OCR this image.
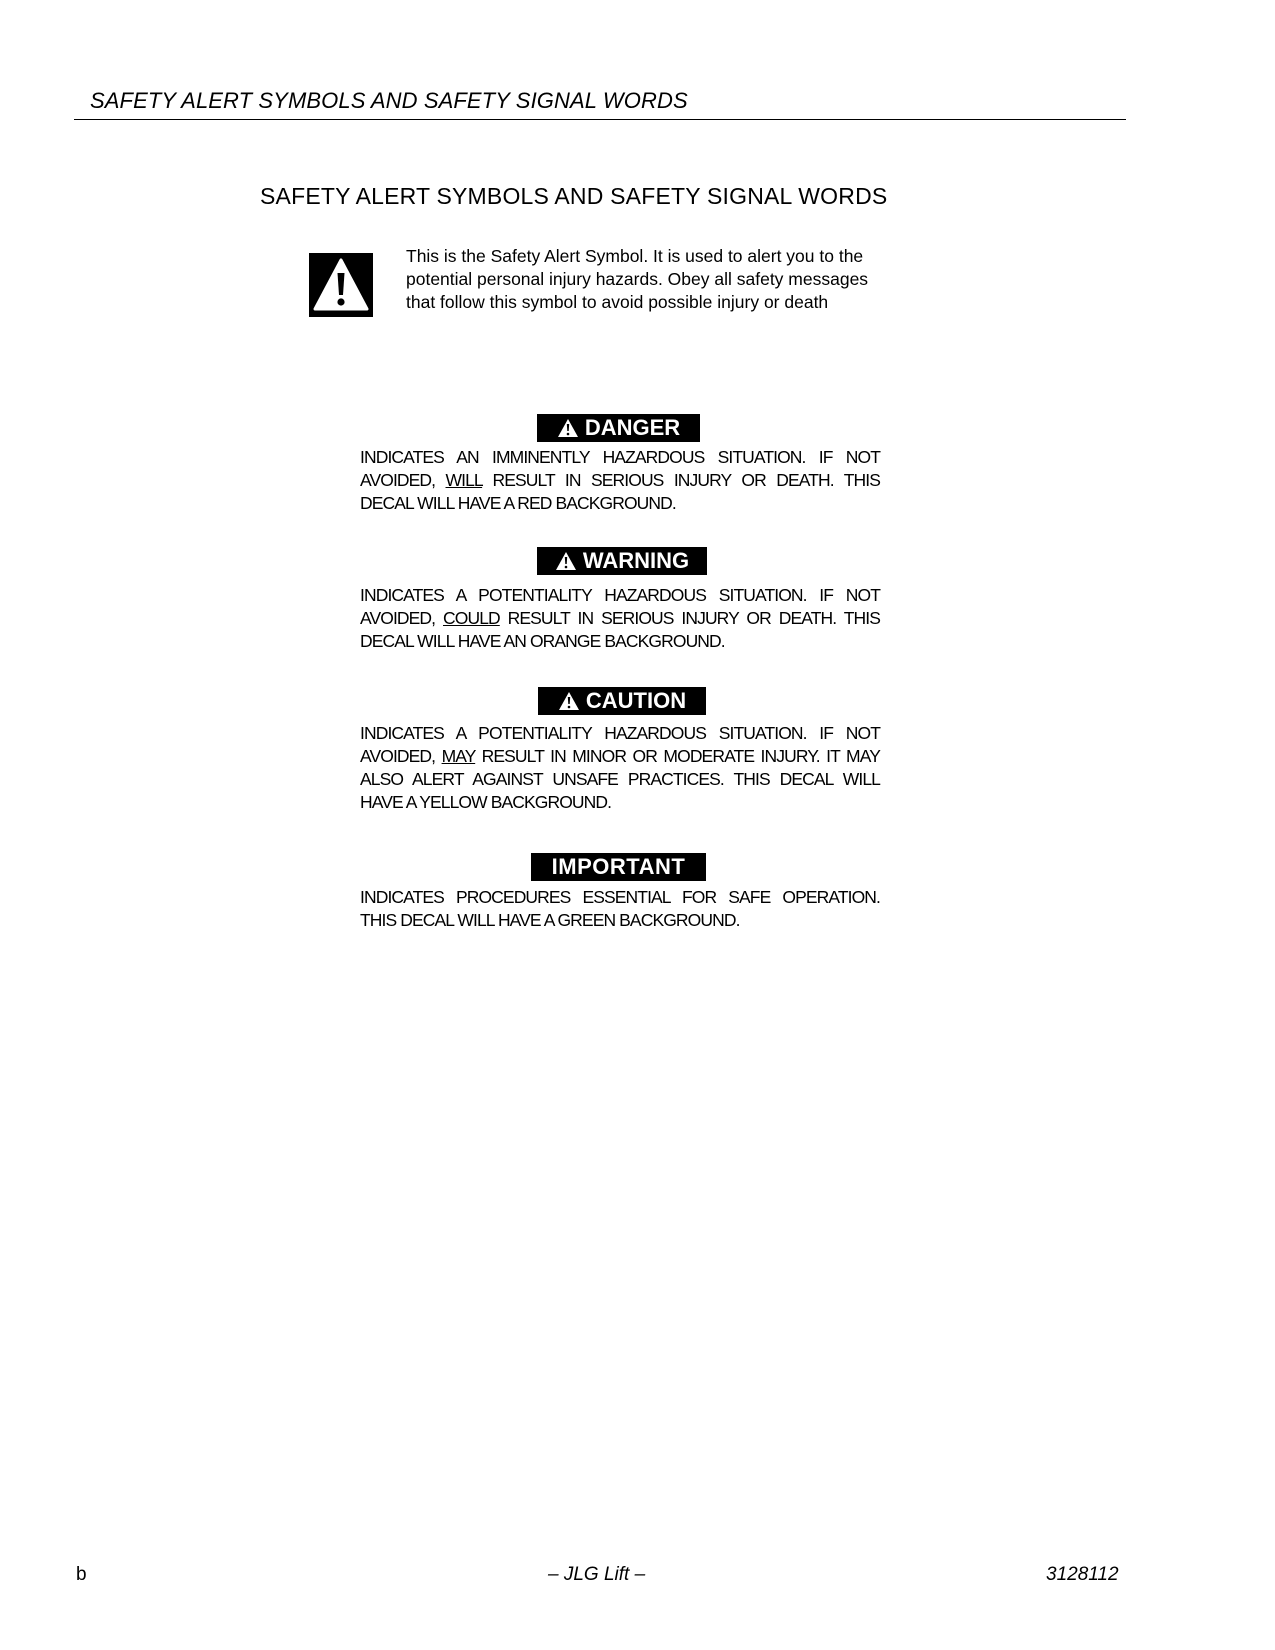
SAFETY ALERT SYMBOLS AND SAFETY SIGNAL WORDS
SAFETY ALERT SYMBOLS AND SAFETY SIGNAL WORDS
This is the Safety Alert Symbol. It is used to alert you to the
potential personal injury hazards. Obey all safety messages
that follow this symbol to avoid possible injury or death
DANGER
INDICATES AN IMMINENTLY HAZARDOUS SITUATION. IF NOT
AVOIDED, WILL RESULT IN SERIOUS INJURY OR DEATH. THIS
DECAL WILL HAVE A RED BACKGROUND.
WARNING
INDICATES A POTENTIALITY HAZARDOUS SITUATION. IF NOT
AVOIDED, COULD RESULT IN SERIOUS INJURY OR DEATH. THIS
DECAL WILL HAVE AN ORANGE BACKGROUND.
CAUTION
INDICATES A POTENTIALITY HAZARDOUS SITUATION. IF NOT
AVOIDED, MAY RESULT IN MINOR OR MODERATE INJURY. IT MAY
ALSO ALERT AGAINST UNSAFE PRACTICES. THIS DECAL WILL
HAVE A YELLOW BACKGROUND.
IMPORTANT
INDICATES PROCEDURES ESSENTIAL FOR SAFE OPERATION.
THIS DECAL WILL HAVE A GREEN BACKGROUND.
b	– JLG Lift –	3128112
